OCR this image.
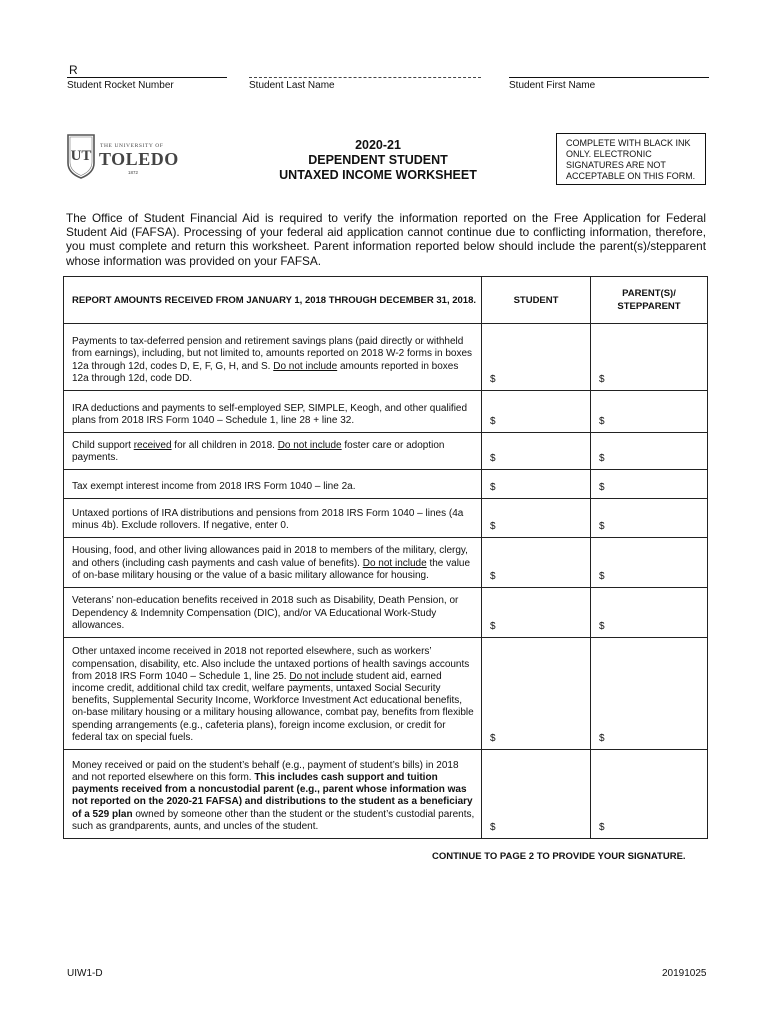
R
Student Rocket Number	Student Last Name	Student First Name
UT
THE UNIVERSITY OF
TOLEDO
1872
2020-21
DEPENDENT STUDENT
UNTAXED INCOME WORKSHEET
COMPLETE WITH BLACK INK ONLY. ELECTRONIC SIGNATURES ARE NOT ACCEPTABLE ON THIS FORM.

The Office of Student Financial Aid is required to verify the information reported on the Free Application for Federal Student Aid (FAFSA). Processing of your federal aid application cannot continue due to conflicting information, therefore, you must complete and return this worksheet. Parent information reported below should include the parent(s)/stepparent whose information was provided on your FAFSA.

REPORT AMOUNTS RECEIVED FROM JANUARY 1, 2018 THROUGH DECEMBER 31, 2018.	STUDENT	PARENT(S)/
STEPPARENT

Payments to tax-deferred pension and retirement savings plans (paid directly or withheld from earnings), including, but not limited to, amounts reported on 2018 W-2 forms in boxes 12a through 12d, codes D, E, F, G, H, and S. Do not include amounts reported in boxes 12a through 12d, code DD.	$	$
IRA deductions and payments to self-employed SEP, SIMPLE, Keogh, and other qualified plans from 2018 IRS Form 1040 – Schedule 1, line 28 + line 32.	$	$
Child support received for all children in 2018. Do not include foster care or adoption payments.	$	$
Tax exempt interest income from 2018 IRS Form 1040 – line 2a.	$	$
Untaxed portions of IRA distributions and pensions from 2018 IRS Form 1040 – lines (4a minus 4b). Exclude rollovers. If negative, enter 0.	$	$
Housing, food, and other living allowances paid in 2018 to members of the military, clergy, and others (including cash payments and cash value of benefits). Do not include the value of on-base military housing or the value of a basic military allowance for housing.	$	$
Veterans’ non-education benefits received in 2018 such as Disability, Death Pension, or Dependency & Indemnity Compensation (DIC), and/or VA Educational Work-Study allowances.	$	$
Other untaxed income received in 2018 not reported elsewhere, such as workers’ compensation, disability, etc. Also include the untaxed portions of health savings accounts from 2018 IRS Form 1040 – Schedule 1, line 25. Do not include student aid, earned income credit, additional child tax credit, welfare payments, untaxed Social Security benefits, Supplemental Security Income, Workforce Investment Act educational benefits, on-base military housing or a military housing allowance, combat pay, benefits from flexible spending arrangements (e.g., cafeteria plans), foreign income exclusion, or credit for federal tax on special fuels.	$	$
Money received or paid on the student’s behalf (e.g., payment of student’s bills) in 2018 and not reported elsewhere on this form. This includes cash support and tuition payments received from a noncustodial parent (e.g., parent whose information was not reported on the 2020-21 FAFSA) and distributions to the student as a beneficiary of a 529 plan owned by someone other than the student or the student’s custodial parents, such as grandparents, aunts, and uncles of the student.	$	$
CONTINUE TO PAGE 2 TO PROVIDE YOUR SIGNATURE.
UIW1-D	20191025
